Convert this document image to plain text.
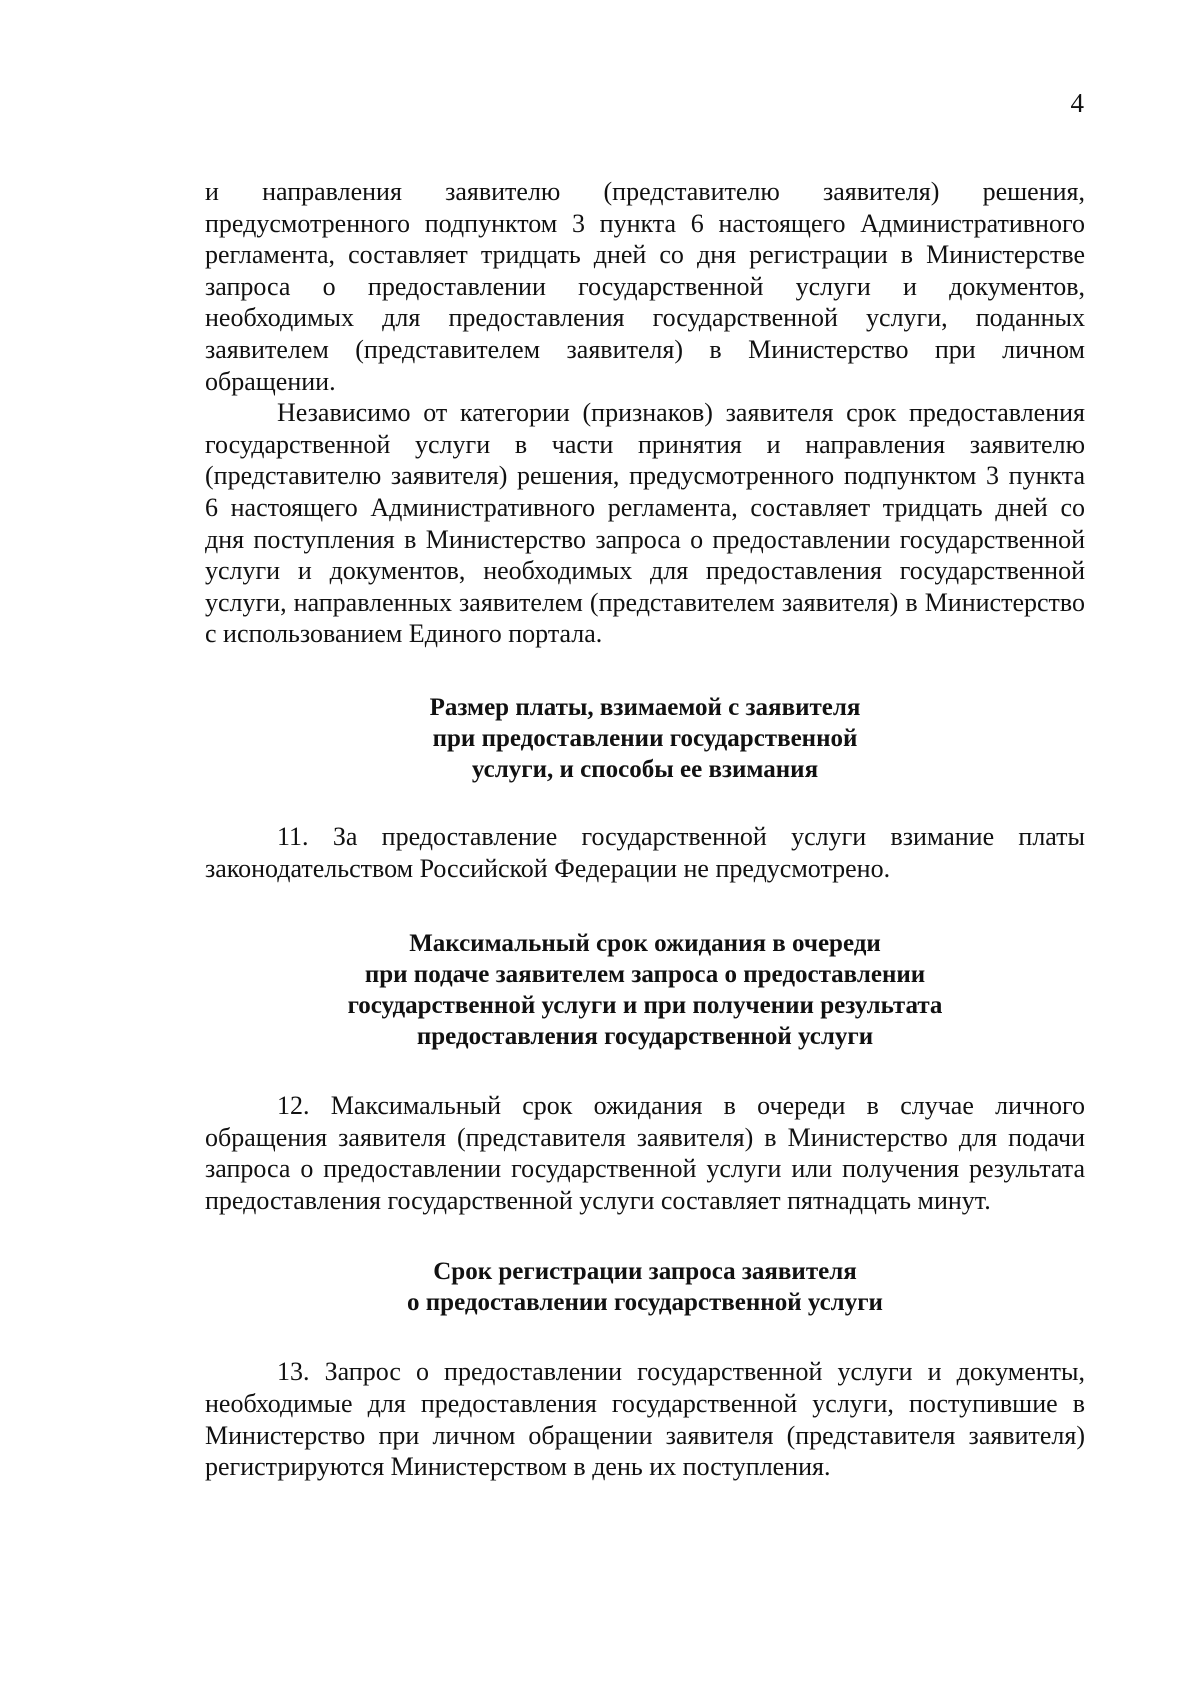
4

и направления заявителю (представителю заявителя) решения, предусмотренного подпунктом 3 пункта 6 настоящего Административного регламента, составляет тридцать дней со дня регистрации в Министерстве запроса о предоставлении государственной услуги и документов, необходимых для предоставления государственной услуги, поданных заявителем (представителем заявителя) в Министерство при личном обращении.

Независимо от категории (признаков) заявителя срок предоставления государственной услуги в части принятия и направления заявителю (представителю заявителя) решения, предусмотренного подпунктом 3 пункта 6 настоящего Административного регламента, составляет тридцать дней со дня поступления в Министерство запроса о предоставлении государственной услуги и документов, необходимых для предоставления государственной услуги, направленных заявителем (представителем заявителя) в Министерство с использованием Единого портала.

Размер платы, взимаемой с заявителя
при предоставлении государственной
услуги, и способы ее взимания

11. За предоставление государственной услуги взимание платы законодательством Российской Федерации не предусмотрено.

Максимальный срок ожидания в очереди
при подаче заявителем запроса о предоставлении
государственной услуги и при получении результата
предоставления государственной услуги

12. Максимальный срок ожидания в очереди в случае личного обращения заявителя (представителя заявителя) в Министерство для подачи запроса о предоставлении государственной услуги или получения результата предоставления государственной услуги составляет пятнадцать минут.

Срок регистрации запроса заявителя
о предоставлении государственной услуги

13. Запрос о предоставлении государственной услуги и документы, необходимые для предоставления государственной услуги, поступившие в Министерство при личном обращении заявителя (представителя заявителя) регистрируются Министерством в день их поступления.
